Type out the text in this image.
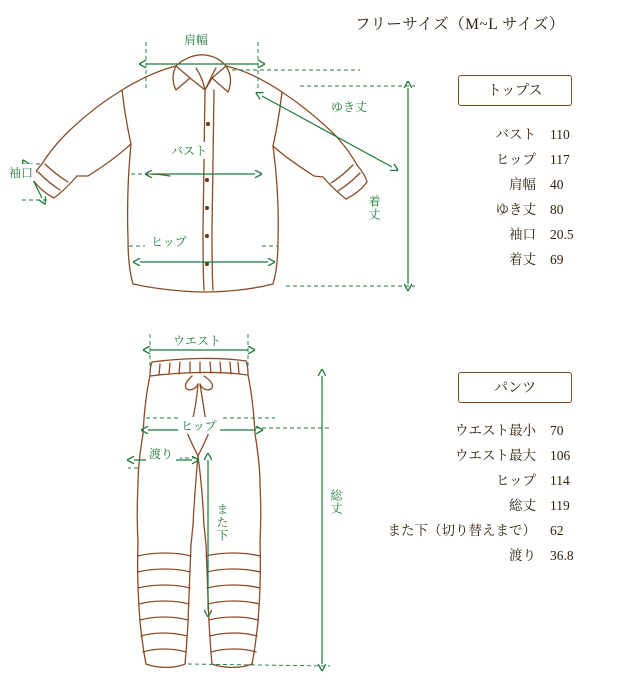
フリーサイズ（M~L サイズ）
肩幅
ゆき丈
バスト
袖口
ヒップ
着丈
トップス
バスト	110
ヒップ	117
肩幅	40
ゆき丈	80
袖口	20.5
着丈	69
ウエスト
ヒップ
渡り
また下
総丈
パンツ
ウエスト最小	70
ウエスト最大	106
ヒップ	114
総丈	119
また下（切り替えまで）	62
渡り	36.8
